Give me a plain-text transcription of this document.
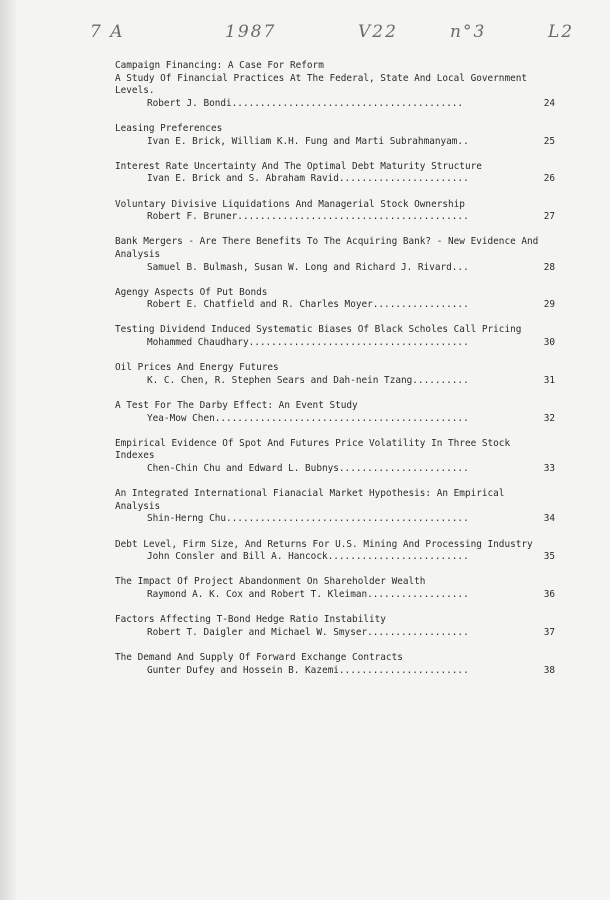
7 A	1987	V22	n°3	L2
Campaign Financing: A Case For Reform
A Study Of Financial Practices At The Federal, State And Local Government Levels.
Robert J. Bondi.........................................	24
Leasing Preferences
Ivan E. Brick, William K.H. Fung and Marti Subrahmanyam..	25
Interest Rate Uncertainty And The Optimal Debt Maturity Structure
Ivan E. Brick and S. Abraham Ravid.......................	26
Voluntary Divisive Liquidations And Managerial Stock Ownership
Robert F. Bruner.........................................	27
Bank Mergers - Are There Benefits To The Acquiring Bank? - New Evidence And Analysis
Samuel B. Bulmash, Susan W. Long and Richard J. Rivard...	28
Agengy Aspects Of Put Bonds
Robert E. Chatfield and R. Charles Moyer.................	29
Testing Dividend Induced Systematic Biases Of Black Scholes Call Pricing
Mohammed Chaudhary.......................................	30
Oil Prices And Energy Futures
K. C. Chen, R. Stephen Sears and Dah-nein Tzang..........	31
A Test For The Darby Effect: An Event Study
Yea-Mow Chen.............................................	32
Empirical Evidence Of Spot And Futures Price Volatility In Three Stock Indexes
Chen-Chin Chu and Edward L. Bubnys.......................	33
An Integrated International Fianacial Market Hypothesis: An Empirical Analysis
Shin-Herng Chu...........................................	34
Debt Level, Firm Size, And Returns For U.S. Mining And Processing Industry
John Consler and Bill A. Hancock.........................	35
The Impact Of Project Abandonment On Shareholder Wealth
Raymond A. K. Cox and Robert T. Kleiman..................	36
Factors Affecting T-Bond Hedge Ratio Instability
Robert T. Daigler and Michael W. Smyser..................	37
The Demand And Supply Of Forward Exchange Contracts
Gunter Dufey and Hossein B. Kazemi.......................	38
